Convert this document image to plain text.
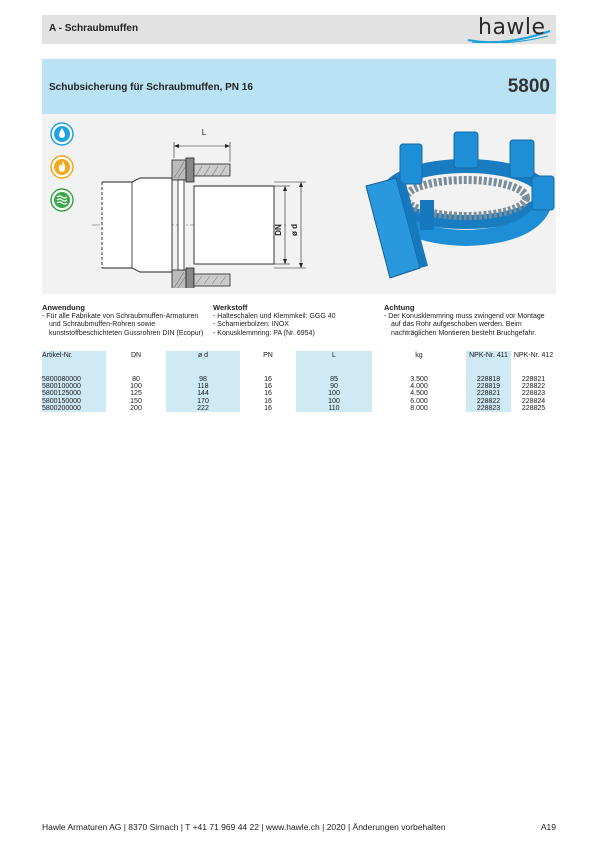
A - Schraubmuffen	hawle
Schubsicherung für Schraubmuffen, PN 16	5800
L
DN ø d
Anwendung
- Für alle Fabrikate von Schraubmuffen-Armaturen und Schraubmuffen-Rohren sowie kunststoffbeschichteten Gussrohren DIN (Ecopur)
Werkstoff
- Halteschalen und Klemmkeil: GGG 40
- Scharnierbolzen: INOX
- Konusklemmring: PA (Nr. 6954)
Achtung
- Der Konusklemmring muss zwingend vor Montage auf das Rohr aufgeschoben werden. Beim nachträglichen Montieren besteht Bruchgefahr.
Artikel-Nr.	DN	ø d	PN	L	kg	NPK-Nr. 411	NPK-Nr. 412
5800080000	80	98	16	85	3.500	228818	228821
5800100000	100	118	16	90	4.000	228819	228822
5800125000	125	144	16	100	4.500	228821	228823
5800150000	150	170	16	100	6.000	228822	228824
5800200000	200	222	16	110	8.000	228823	228825
Hawle Armaturen AG | 8370 Sirnach | T +41 71 969 44 22 | www.hawle.ch | 2020 | Änderungen vorbehalten	A19
